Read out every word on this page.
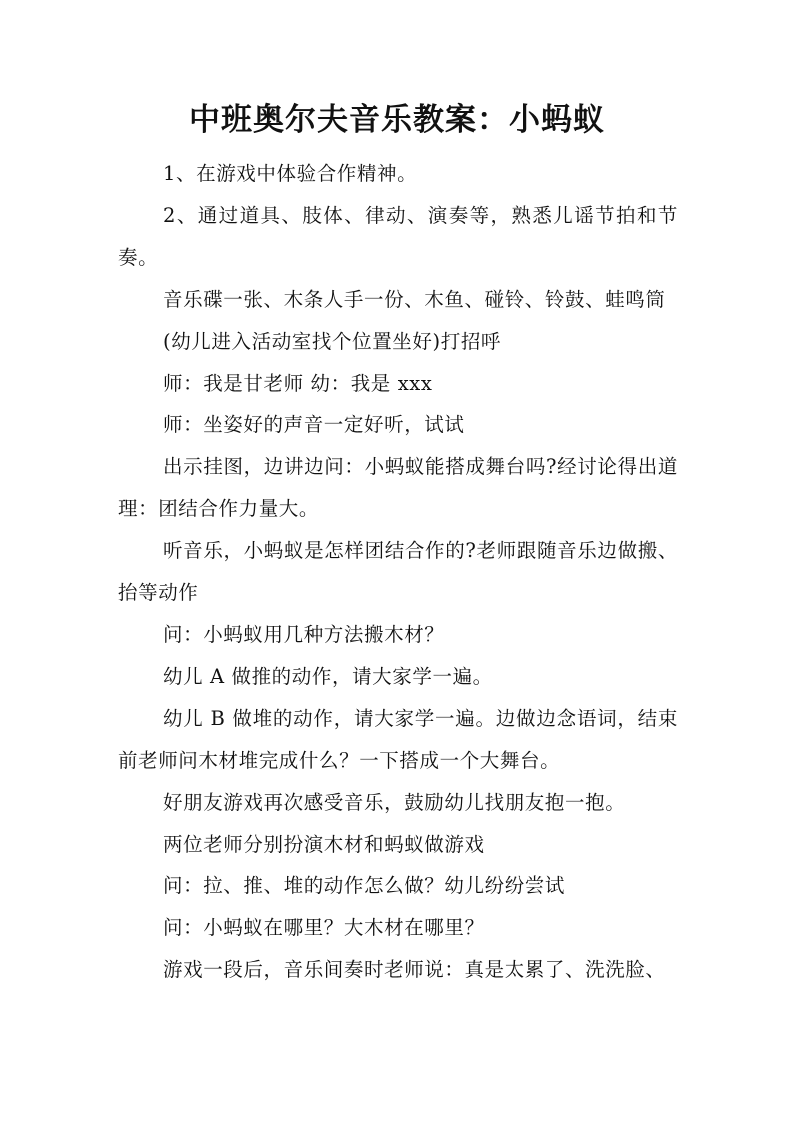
中班奥尔夫音乐教案：小蚂蚁

1、在游戏中体验合作精神。

2、通过道具、肢体、律动、演奏等，熟悉儿谣节拍和节奏。

音乐碟一张、木条人手一份、木鱼、碰铃、铃鼓、蛙鸣筒

(幼儿进入活动室找个位置坐好)打招呼

师：我是甘老师 幼：我是 xxx

师：坐姿好的声音一定好听，试试

出示挂图，边讲边问：小蚂蚁能搭成舞台吗?经讨论得出道理：团结合作力量大。

听音乐，小蚂蚁是怎样团结合作的?老师跟随音乐边做搬、抬等动作

问：小蚂蚁用几种方法搬木材？

幼儿 A 做推的动作，请大家学一遍。

幼儿 B 做堆的动作，请大家学一遍。边做边念语词，结束前老师问木材堆完成什么？一下搭成一个大舞台。

好朋友游戏再次感受音乐，鼓励幼儿找朋友抱一抱。

两位老师分别扮演木材和蚂蚁做游戏

问：拉、推、堆的动作怎么做？幼儿纷纷尝试

问：小蚂蚁在哪里？大木材在哪里？

游戏一段后，音乐间奏时老师说：真是太累了、洗洗脸、
